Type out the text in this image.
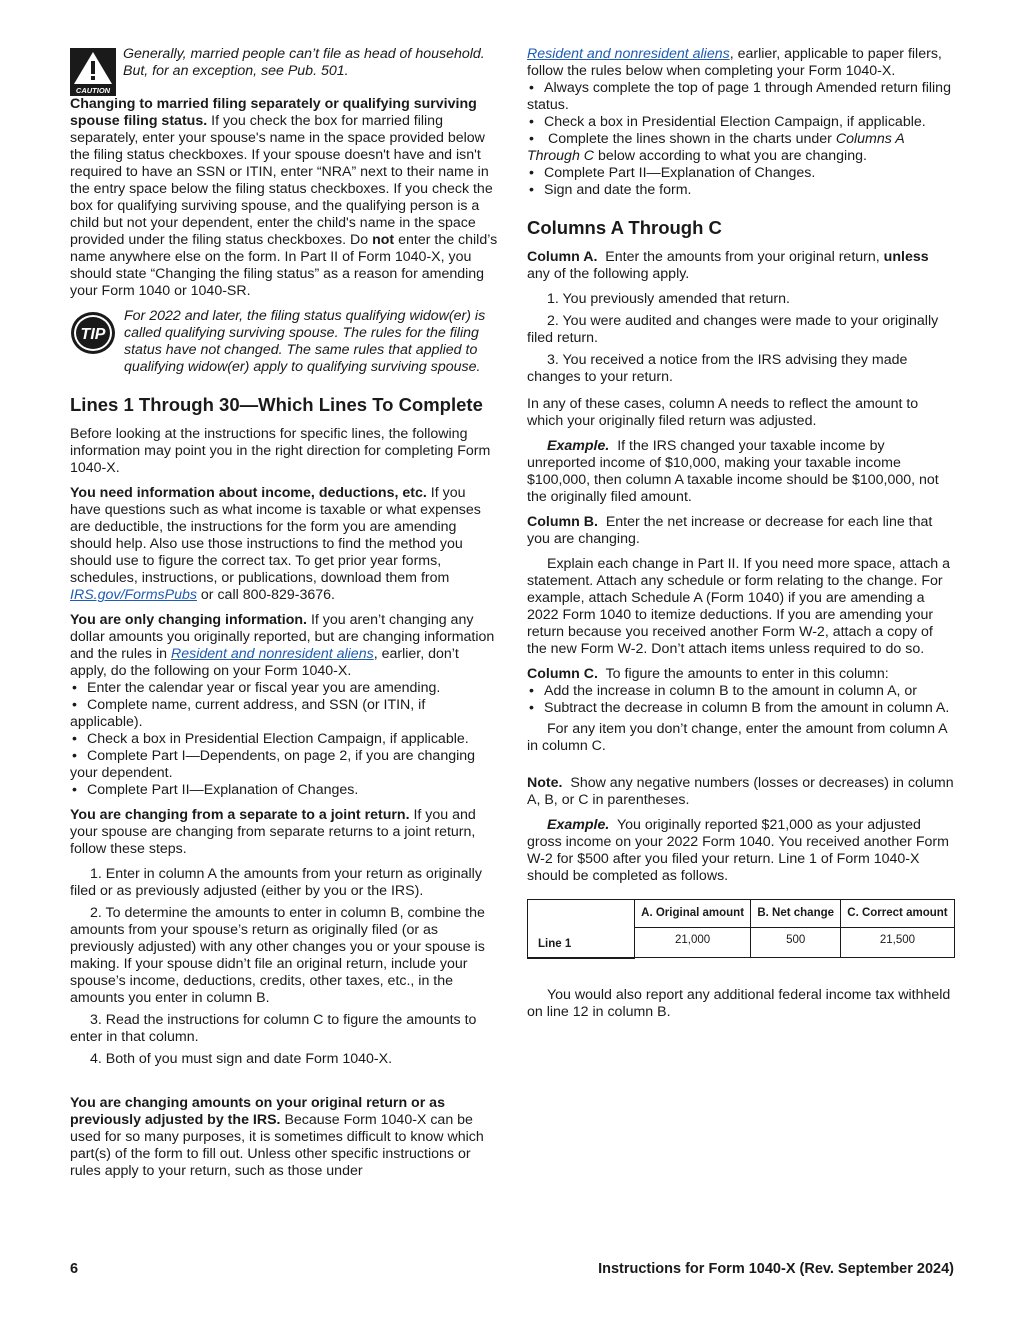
CAUTION
Generally, married people can’t file as head of household. But, for an exception, see Pub. 501.

Changing to married filing separately or qualifying surviving spouse filing status. If you check the box for married filing separately, enter your spouse's name in the space provided below the filing status checkboxes. If your spouse doesn't have and isn't required to have an SSN or ITIN, enter “NRA” next to their name in the entry space below the filing status checkboxes. If you check the box for qualifying surviving spouse, and the qualifying person is a child but not your dependent, enter the child's name in the space provided under the filing status checkboxes. Do not enter the child’s name anywhere else on the form. In Part II of Form 1040-X, you should state “Changing the filing status” as a reason for amending your Form 1040 or 1040-SR.

TIP
For 2022 and later, the filing status qualifying widow(er) is called qualifying surviving spouse. The rules for the filing status have not changed. The same rules that applied to qualifying widow(er) apply to qualifying surviving spouse.
Lines 1 Through 30—Which Lines To Complete

Before looking at the instructions for specific lines, the following information may point you in the right direction for completing Form 1040-X.

You need information about income, deductions, etc. If you have questions such as what income is taxable or what expenses are deductible, the instructions for the form you are amending should help. Also use those instructions to find the method you should use to figure the correct tax. To get prior year forms, schedules, instructions, or publications, download them from IRS.gov/FormsPubs or call 800-829-3676.

You are only changing information. If you aren’t changing any dollar amounts you originally reported, but are changing information and the rules in Resident and nonresident aliens, earlier, don’t apply, do the following on your Form 1040-X.

• Enter the calendar year or fiscal year you are amending.

• Complete name, current address, and SSN (or ITIN, if applicable).

• Check a box in Presidential Election Campaign, if applicable.

• Complete Part I—Dependents, on page 2, if you are changing your dependent.

• Complete Part II—Explanation of Changes.

You are changing from a separate to a joint return. If you and your spouse are changing from separate returns to a joint return, follow these steps.

1. Enter in column A the amounts from your return as originally filed or as previously adjusted (either by you or the IRS).

2. To determine the amounts to enter in column B, combine the amounts from your spouse’s return as originally filed (or as previously adjusted) with any other changes you or your spouse is making. If your spouse didn’t file an original return, include your spouse’s income, deductions, credits, other taxes, etc., in the amounts you enter in column B.

3. Read the instructions for column C to figure the amounts to enter in that column.

4. Both of you must sign and date Form 1040-X.

You are changing amounts on your original return or as previously adjusted by the IRS. Because Form 1040-X can be used for so many purposes, it is sometimes difficult to know which part(s) of the form to fill out. Unless other specific instructions or rules apply to your return, such as those under

Resident and nonresident aliens, earlier, applicable to paper filers, follow the rules below when completing your Form 1040-X.

• Always complete the top of page 1 through Amended return filing status.

• Check a box in Presidential Election Campaign, if applicable.

• Complete the lines shown in the charts under Columns A Through C below according to what you are changing.

• Complete Part II—Explanation of Changes.

• Sign and date the form.

Columns A Through C

Column A. Enter the amounts from your original return, unless any of the following apply.

1. You previously amended that return.

2. You were audited and changes were made to your originally filed return.

3. You received a notice from the IRS advising they made changes to your return.

In any of these cases, column A needs to reflect the amount to which your originally filed return was adjusted.

Example. If the IRS changed your taxable income by unreported income of $10,000, making your taxable income $100,000, then column A taxable income should be $100,000, not the originally filed amount.

Column B. Enter the net increase or decrease for each line that you are changing.

Explain each change in Part II. If you need more space, attach a statement. Attach any schedule or form relating to the change. For example, attach Schedule A (Form 1040) if you are amending a 2022 Form 1040 to itemize deductions. If you are amending your return because you received another Form W-2, attach a copy of the new Form W-2. Don’t attach items unless required to do so.

Column C. To figure the amounts to enter in this column:

• Add the increase in column B to the amount in column A, or

• Subtract the decrease in column B from the amount in column A.

For any item you don’t change, enter the amount from column A in column C.

Note. Show any negative numbers (losses or decreases) in column A, B, or C in parentheses.

Example. You originally reported $21,000 as your adjusted gross income on your 2022 Form 1040. You received another Form W-2 for $500 after you filed your return. Line 1 of Form 1040-X should be completed as follows.

Line 1	A. Original amount	B. Net change	C. Correct amount
	21,000	500	21,500

You would also report any additional federal income tax withheld on line 12 in column B.

6	Instructions for Form 1040-X (Rev. September 2024)
